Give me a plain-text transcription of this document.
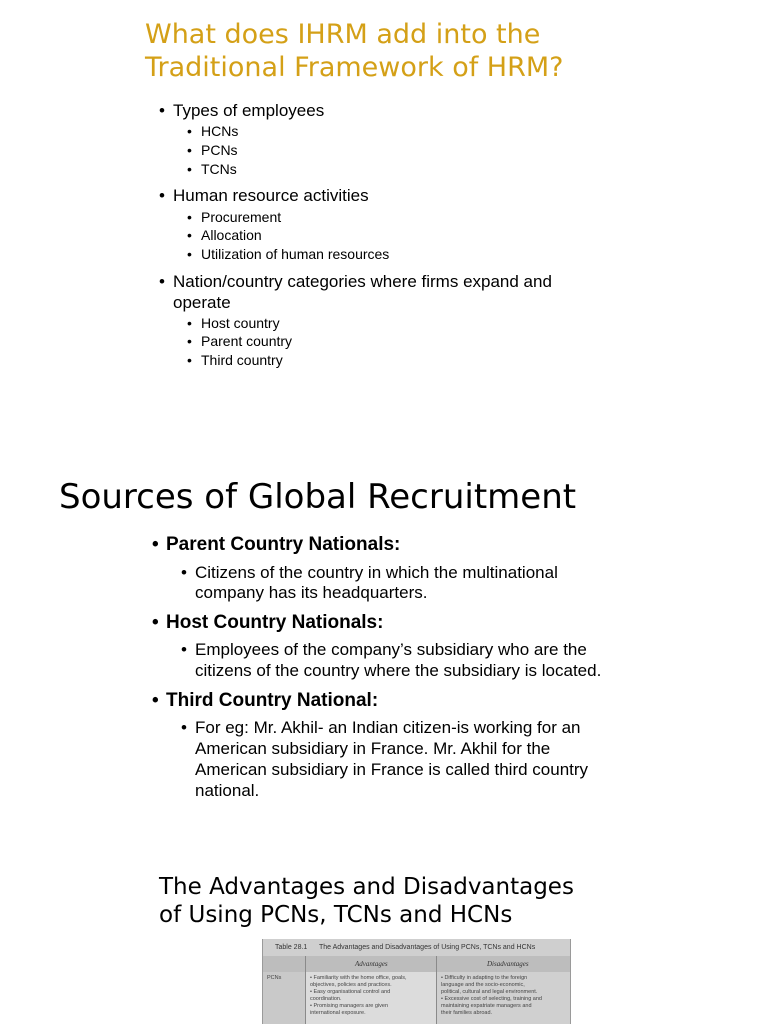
What does IHRM add into the
Traditional Framework of HRM?
• Types of employees
• HCNs
• PCNs
• TCNs
• Human resource activities
• Procurement
• Allocation
• Utilization of human resources
• Nation/country categories where firms expand and
operate
• Host country
• Parent country
• Third country
Sources of Global Recruitment
• Parent Country Nationals:
• Citizens of the country in which the multinational
company has its headquarters.
• Host Country Nationals:
• Employees of the company’s subsidiary who are the
citizens of the country where the subsidiary is located.
• Third Country National:
• For eg: Mr. Akhil- an Indian citizen-is working for an
American subsidiary in France. Mr. Akhil for the
American subsidiary in France is called third country
national.
The Advantages and Disadvantages
of Using PCNs, TCNs and HCNs
Table 28.1 The Advantages and Disadvantages of Using PCNs, TCNs and HCNs
Advantages	Disadvantages
PCNs	• Familiarity with the home office, goals,
objectives, policies and practices.
• Easy organisational control and
coordination.
• Promising managers are given
international exposure.
• Difficulty in adapting to the foreign
language and the socio-economic,
political, cultural and legal environment.
• Excessive cost of selecting, training and
maintaining expatriate managers and
their families abroad.
